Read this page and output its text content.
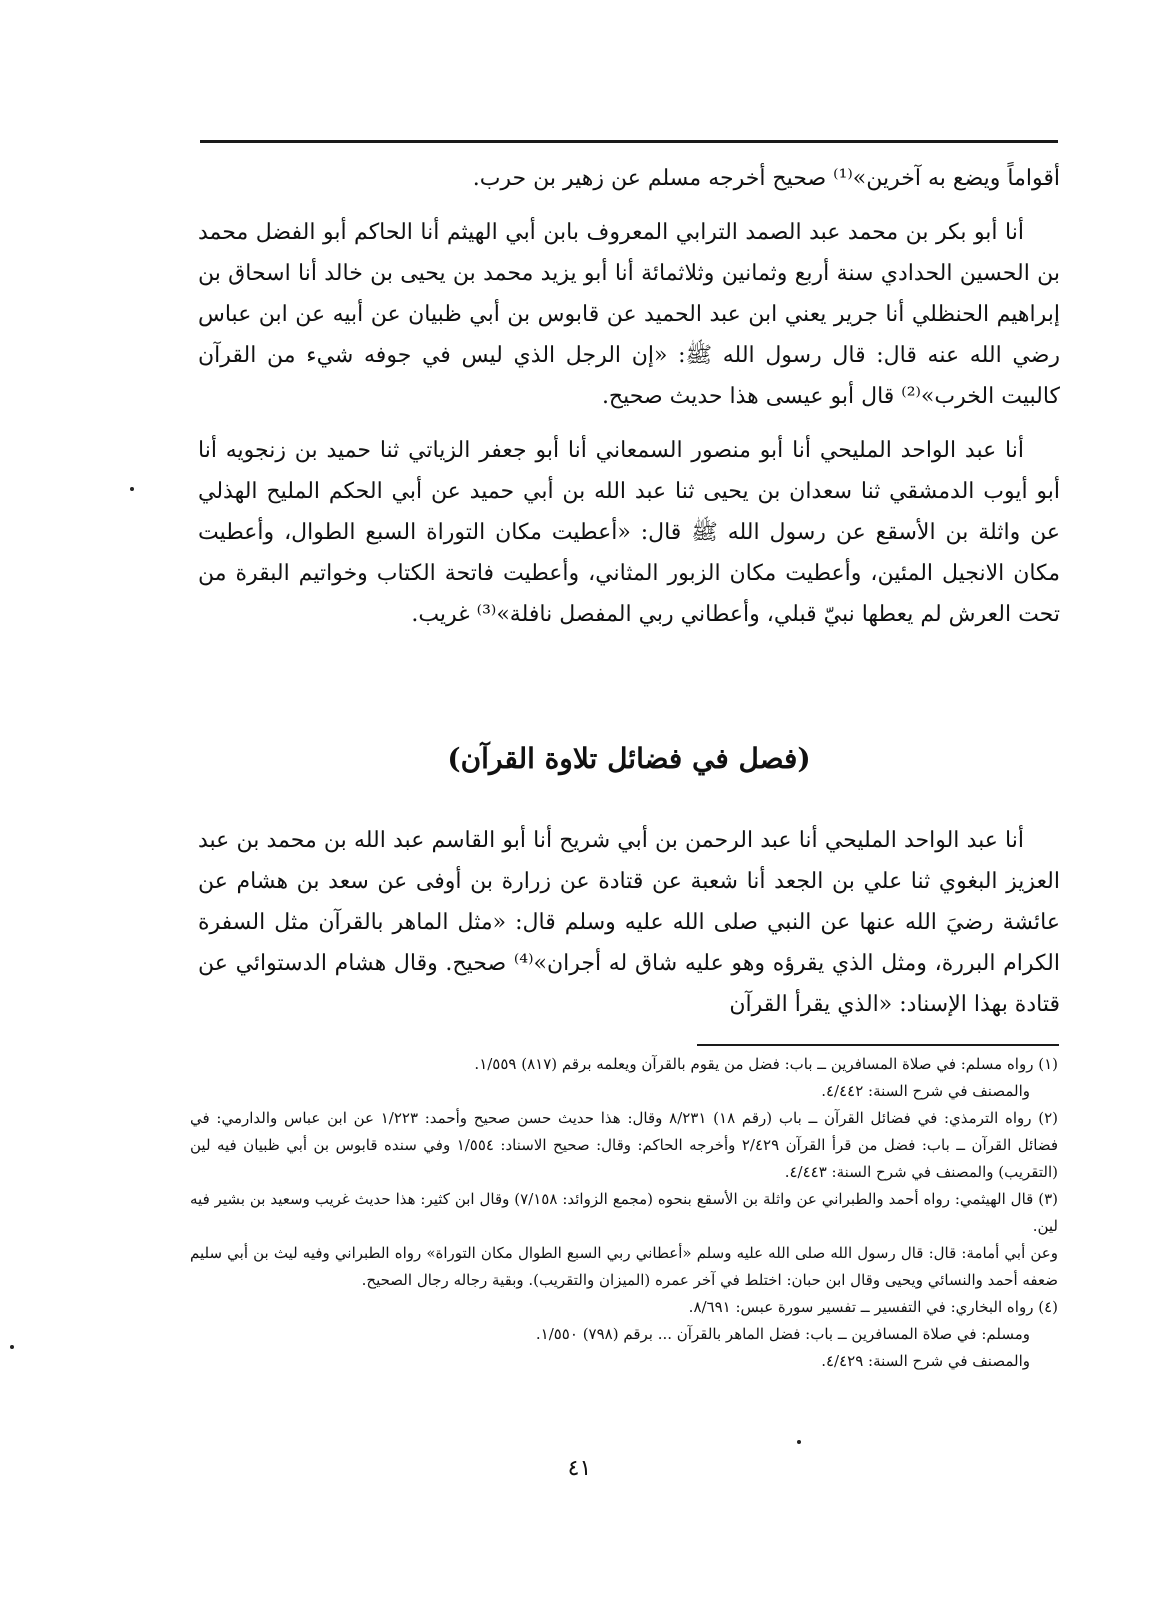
أقواماً ويضع به آخرين»⁽¹⁾ صحيح أخرجه مسلم عن زهير بن حرب.

أنا أبو بكر بن محمد عبد الصمد الترابي المعروف بابن أبي الهيثم أنا الحاكم أبو الفضل محمد بن الحسين الحدادي سنة أربع وثمانين وثلاثمائة أنا أبو يزيد محمد بن يحيى بن خالد أنا اسحاق بن إبراهيم الحنظلي أنا جرير يعني ابن عبد الحميد عن قابوس بن أبي ظبيان عن أبيه عن ابن عباس رضي الله عنه قال: قال رسول الله ﷺ: «إن الرجل الذي ليس في جوفه شيء من القرآن كالبيت الخرب»⁽²⁾ قال أبو عيسى هذا حديث صحيح.

أنا عبد الواحد المليحي أنا أبو منصور السمعاني أنا أبو جعفر الزياتي ثنا حميد بن زنجويه أنا أبو أيوب الدمشقي ثنا سعدان بن يحيى ثنا عبد الله بن أبي حميد عن أبي الحكم المليح الهذلي عن واثلة بن الأسقع عن رسول الله ﷺ قال: «أعطيت مكان التوراة السبع الطوال، وأعطيت مكان الانجيل المئين، وأعطيت مكان الزبور المثاني، وأعطيت فاتحة الكتاب وخواتيم البقرة من تحت العرش لم يعطها نبيّ قبلي، وأعطاني ربي المفصل نافلة»⁽³⁾ غريب.

(فصل في فضائل تلاوة القرآن)

أنا عبد الواحد المليحي أنا عبد الرحمن بن أبي شريح أنا أبو القاسم عبد الله بن محمد بن عبد العزيز البغوي ثنا علي بن الجعد أنا شعبة عن قتادة عن زرارة بن أوفى عن سعد بن هشام عن عائشة رضيَ الله عنها عن النبي صلى الله عليه وسلم قال: «مثل الماهر بالقرآن مثل السفرة الكرام البررة، ومثل الذي يقرؤه وهو عليه شاق له أجران»⁽⁴⁾ صحيح. وقال هشام الدستوائي عن قتادة بهذا الإسناد: «الذي يقرأ القرآن

(١) رواه مسلم: في صلاة المسافرين ــ باب: فضل من يقوم بالقرآن ويعلمه برقم (٨١٧) ١/٥٥٩.

والمصنف في شرح السنة: ٤/٤٤٢.

(٢) رواه الترمذي: في فضائل القرآن ــ باب (رقم ١٨) ٨/٢٣١ وقال: هذا حديث حسن صحيح وأحمد: ١/٢٢٣ عن ابن عباس والدارمي: في فضائل القرآن ــ باب: فضل من قرأ القرآن ٢/٤٢٩ وأخرجه الحاكم: وقال: صحيح الاسناد: ١/٥٥٤ وفي سنده قابوس بن أبي ظبيان فيه لين (التقريب) والمصنف في شرح السنة: ٤/٤٤٣.

(٣) قال الهيثمي: رواه أحمد والطبراني عن واثلة بن الأسقع بنحوه (مجمع الزوائد: ٧/١٥٨) وقال ابن كثير: هذا حديث غريب وسعيد بن بشير فيه لين.

وعن أبي أمامة: قال: قال رسول الله صلى الله عليه وسلم «أعطاني ربي السبع الطوال مكان التوراة» رواه الطبراني وفيه ليث بن أبي سليم ضعفه أحمد والنسائي ويحيى وقال ابن حبان: اختلط في آخر عمره (الميزان والتقريب). وبقية رجاله رجال الصحيح.

(٤) رواه البخاري: في التفسير ــ تفسير سورة عبس: ٨/٦٩١.

ومسلم: في صلاة المسافرين ــ باب: فضل الماهر بالقرآن ... برقم (٧٩٨) ١/٥٥٠.

والمصنف في شرح السنة: ٤/٤٢٩.

٤١
